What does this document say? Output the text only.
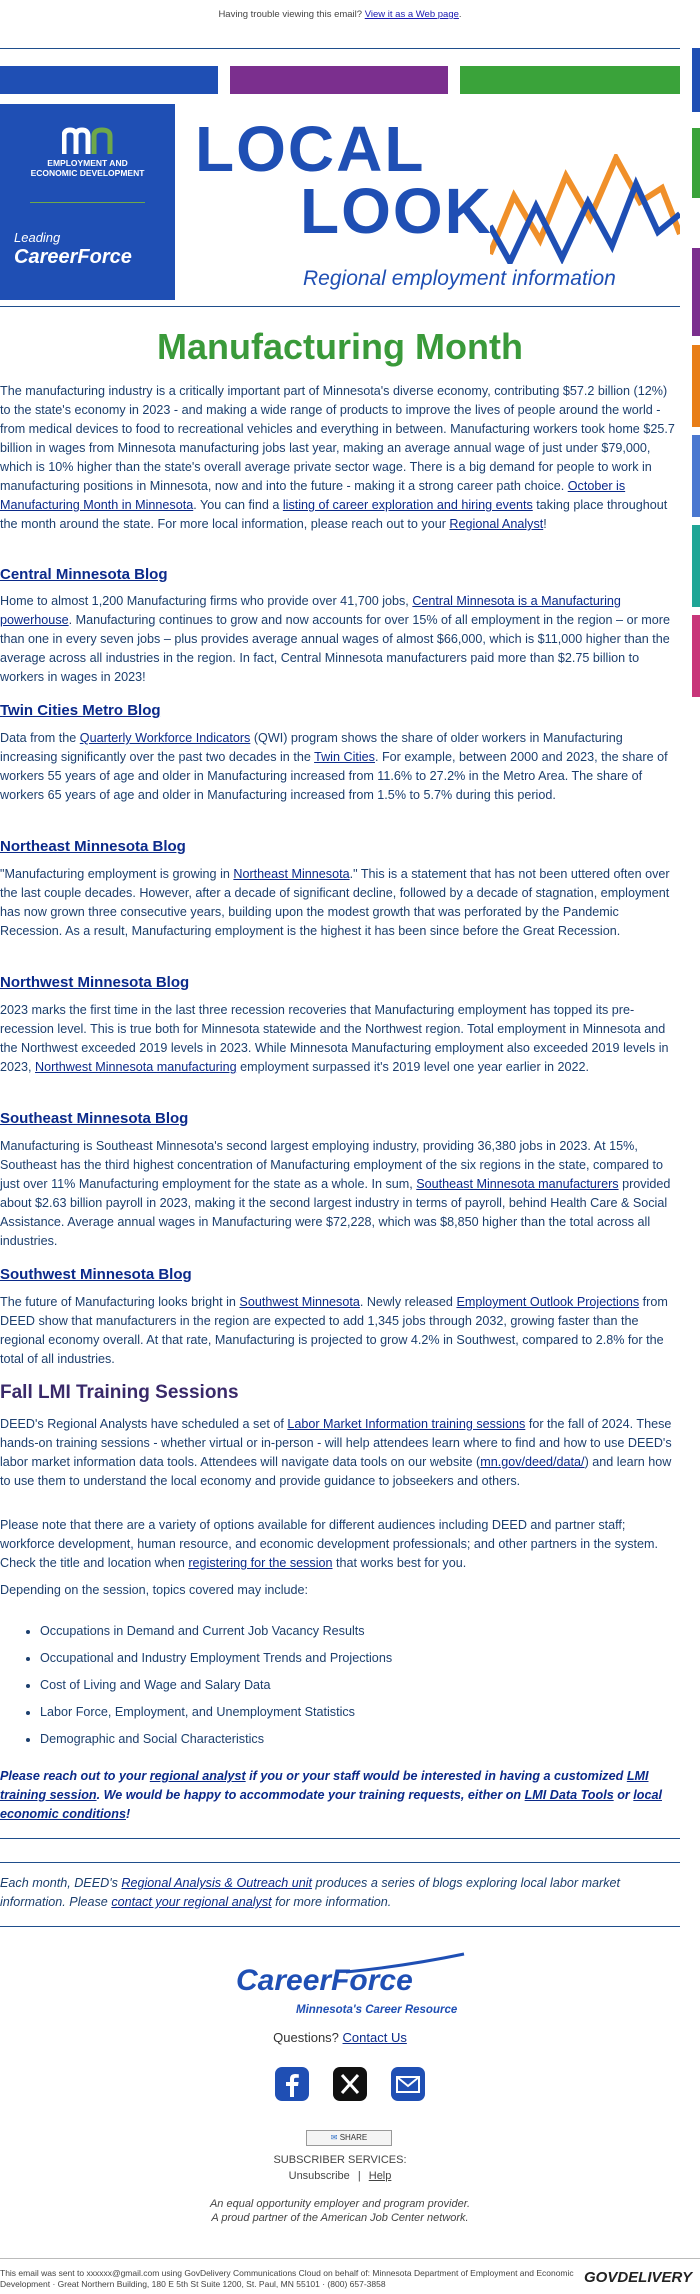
Having trouble viewing this email? View it as a Web page.
EMPLOYMENT AND
ECONOMIC DEVELOPMENT
Leading
CareerForce
LOCAL
LOOK
Regional employment information
Manufacturing Month

The manufacturing industry is a critically important part of Minnesota's diverse economy, contributing $57.2 billion (12%) to the state's economy in 2023 - and making a wide range of products to improve the lives of people around the world - from medical devices to food to recreational vehicles and everything in between. Manufacturing workers took home $25.7 billion in wages from Minnesota manufacturing jobs last year, making an average annual wage of just under $79,000, which is 10% higher than the state's overall average private sector wage. There is a big demand for people to work in manufacturing positions in Minnesota, now and into the future - making it a strong career path choice. October is Manufacturing Month in Minnesota. You can find a listing of career exploration and hiring events taking place throughout the month around the state. For more local information, please reach out to your Regional Analyst!

Central Minnesota Blog

Home to almost 1,200 Manufacturing firms who provide over 41,700 jobs, Central Minnesota is a Manufacturing powerhouse. Manufacturing continues to grow and now accounts for over 15% of all employment in the region – or more than one in every seven jobs – plus provides average annual wages of almost $66,000, which is $11,000 higher than the average across all industries in the region. In fact, Central Minnesota manufacturers paid more than $2.75 billion to workers in wages in 2023!

Twin Cities Metro Blog

Data from the Quarterly Workforce Indicators (QWI) program shows the share of older workers in Manufacturing increasing significantly over the past two decades in the Twin Cities. For example, between 2000 and 2023, the share of workers 55 years of age and older in Manufacturing increased from 11.6% to 27.2% in the Metro Area. The share of workers 65 years of age and older in Manufacturing increased from 1.5% to 5.7% during this period.

Northeast Minnesota Blog

"Manufacturing employment is growing in Northeast Minnesota." This is a statement that has not been uttered often over the last couple decades. However, after a decade of significant decline, followed by a decade of stagnation, employment has now grown three consecutive years, building upon the modest growth that was perforated by the Pandemic Recession. As a result, Manufacturing employment is the highest it has been since before the Great Recession.

Northwest Minnesota Blog

2023 marks the first time in the last three recession recoveries that Manufacturing employment has topped its pre-recession level. This is true both for Minnesota statewide and the Northwest region. Total employment in Minnesota and the Northwest exceeded 2019 levels in 2023. While Minnesota Manufacturing employment also exceeded 2019 levels in 2023, Northwest Minnesota manufacturing employment surpassed it's 2019 level one year earlier in 2022.

Southeast Minnesota Blog

Manufacturing is Southeast Minnesota's second largest employing industry, providing 36,380 jobs in 2023. At 15%, Southeast has the third highest concentration of Manufacturing employment of the six regions in the state, compared to just over 11% Manufacturing employment for the state as a whole. In sum, Southeast Minnesota manufacturers provided about $2.63 billion payroll in 2023, making it the second largest industry in terms of payroll, behind Health Care & Social Assistance. Average annual wages in Manufacturing were $72,228, which was $8,850 higher than the total across all industries.

Southwest Minnesota Blog

The future of Manufacturing looks bright in Southwest Minnesota. Newly released Employment Outlook Projections from DEED show that manufacturers in the region are expected to add 1,345 jobs through 2032, growing faster than the regional economy overall. At that rate, Manufacturing is projected to grow 4.2% in Southwest, compared to 2.8% for the total of all industries.

Fall LMI Training Sessions

DEED's Regional Analysts have scheduled a set of Labor Market Information training sessions for the fall of 2024. These hands-on training sessions - whether virtual or in-person - will help attendees learn where to find and how to use DEED's labor market information data tools. Attendees will navigate data tools on our website (mn.gov/deed/data/) and learn how to use them to understand the local economy and provide guidance to jobseekers and others.

Please note that there are a variety of options available for different audiences including DEED and partner staff; workforce development, human resource, and economic development professionals; and other partners in the system. Check the title and location when registering for the session that works best for you.

Depending on the session, topics covered may include:

• Occupations in Demand and Current Job Vacancy Results
• Occupational and Industry Employment Trends and Projections
• Cost of Living and Wage and Salary Data
• Labor Force, Employment, and Unemployment Statistics
• Demographic and Social Characteristics

Please reach out to your regional analyst if you or your staff would be interested in having a customized LMI training session. We would be happy to accommodate your training requests, either on LMI Data Tools or local economic conditions!

Each month, DEED's Regional Analysis & Outreach unit produces a series of blogs exploring local labor market information. Please contact your regional analyst for more information.

CareerForce
Minnesota's Career Resource
Questions? Contact Us
✉ SHARE
SUBSCRIBER SERVICES:
Unsubscribe | Help
An equal opportunity employer and program provider.
A proud partner of the American Job Center network.
This email was sent to xxxxxx@gmail.com using GovDelivery Communications Cloud on behalf of: Minnesota Department of Employment and Economic Development · Great Northern Building, 180 E 5th St Suite 1200, St. Paul, MN 55101 · (800) 657-3858	GOVDELIVERY
